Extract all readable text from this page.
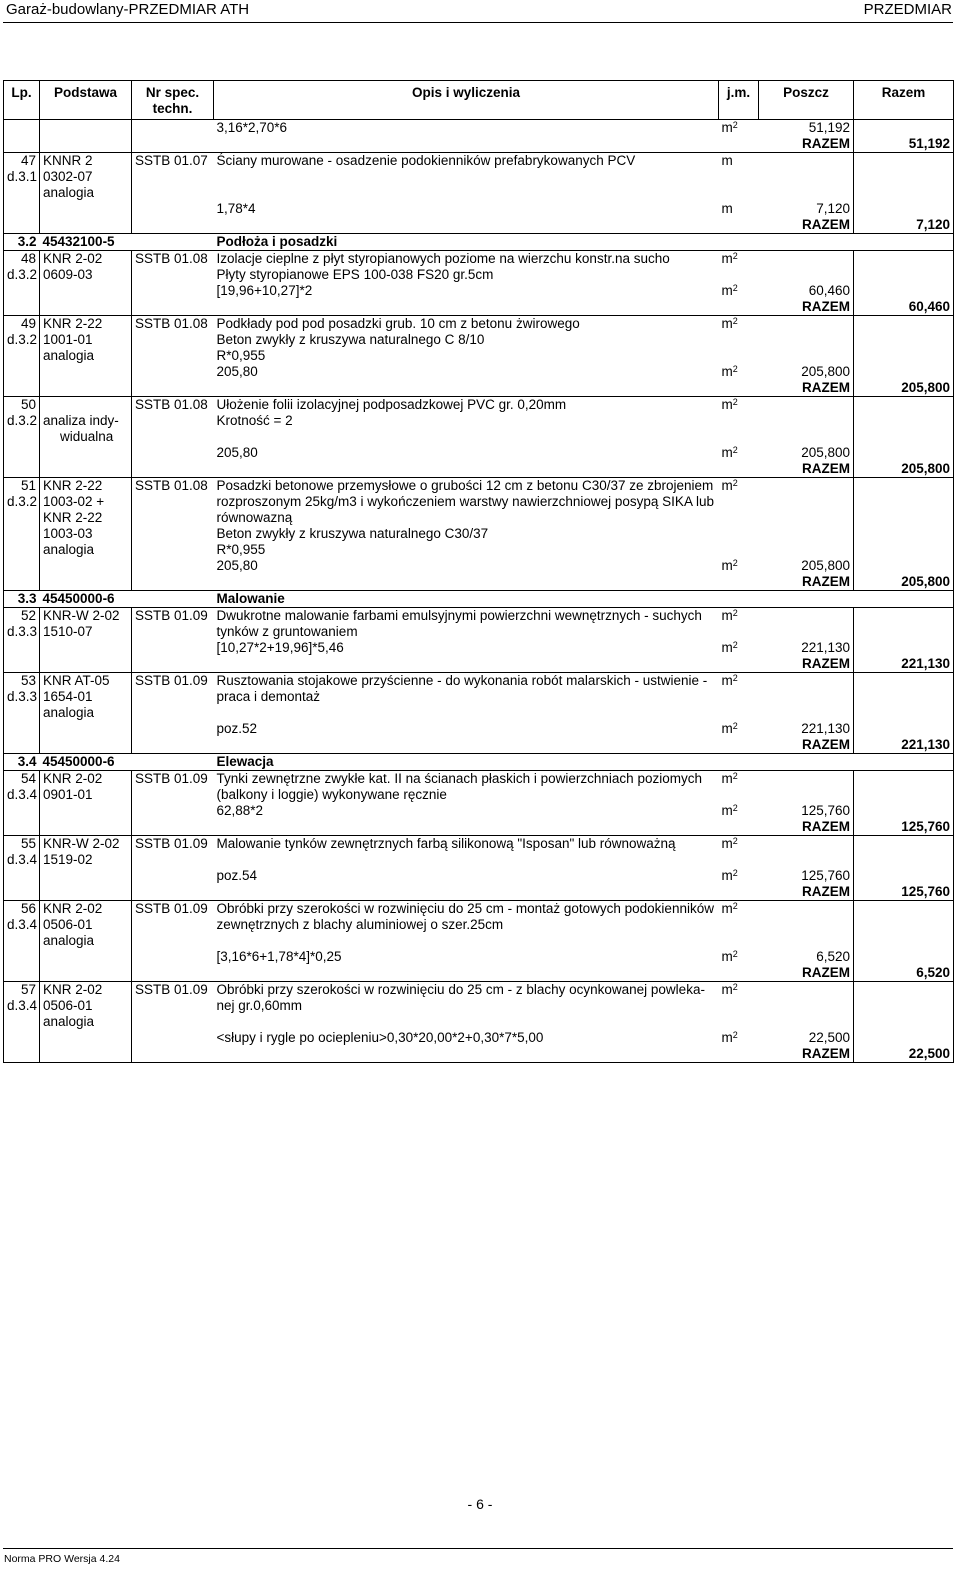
Garaż-budowlany-PRZEDMIAR ATH	PRZEDMIAR
Lp.	Podstawa	Nr spec. techn.	Opis i wyliczenia	j.m.	Poszcz	Razem
			3,16*2,70*6	$m^2$	51,192	
					RAZEM	51,192
47	KNNR 2	SSTB 01.07	Ściany murowane - osadzenie podokienników prefabrykowanych PCV	m		
d.3.1	0302-07					
	analogia					
			1,78*4	m	7,120	
					RAZEM	7,120
3.2	45432100-5		Podłoża i posadzki			
48	KNR 2-02	SSTB 01.08	Izolacje cieplne z płyt styropianowych poziome na wierzchu konstr.na sucho	$m^2$		
d.3.2	0609-03		Płyty styropianowe EPS 100-038 FS20 gr.5cm			
			[19,96+10,27]*2	$m^2$	60,460	
					RAZEM	60,460
49	KNR 2-22	SSTB 01.08	Podkłady pod pod posadzki grub. 10 cm z betonu żwirowego	$m^2$		
d.3.2	1001-01		Beton zwykły z kruszywa naturalnego C 8/10			
	analogia		R*0,955			
			205,80	$m^2$	205,800	
					RAZEM	205,800
50		SSTB 01.08	Ułożenie folii izolacyjnej podposadzkowej PVC gr. 0,20mm	$m^2$		
d.3.2	analiza indy-		Krotność = 2			
	widualna					
			205,80	$m^2$	205,800	
					RAZEM	205,800
51	KNR 2-22	SSTB 01.08	Posadzki betonowe przemysłowe o grubości 12 cm z betonu C30/37 ze zbrojeniem rozproszonym 25kg/m3 i wykończeniem warstwy nawierzchniowej posypą SIKA lub równowazną	$m^2$		
d.3.2	1003-02 +					
	KNR 2-22					
	1003-03		Beton zwykły z kruszywa naturalnego C30/37			
	analogia		R*0,955			
			205,80	$m^2$	205,800	
					RAZEM	205,800
3.3	45450000-6		Malowanie			
52	KNR-W 2-02	SSTB 01.09	Dwukrotne malowanie farbami emulsyjnymi powierzchni wewnętrznych - suchych tynków z gruntowaniem	$m^2$		
d.3.3	1510-07					
			[10,27*2+19,96]*5,46	$m^2$	221,130	
					RAZEM	221,130
53	KNR AT-05	SSTB 01.09	Rusztowania stojakowe przyścienne - do wykonania robót malarskich - ustwienie - praca i demontaż	$m^2$		
d.3.3	1654-01					
	analogia					
			poz.52	$m^2$	221,130	
					RAZEM	221,130
3.4	45450000-6		Elewacja			
54	KNR 2-02	SSTB 01.09	Tynki zewnętrzne zwykłe kat. II na ścianach płaskich i powierzchniach poziomych (balkony i loggie) wykonywane ręcznie	$m^2$		
d.3.4	0901-01					
			62,88*2	$m^2$	125,760	
					RAZEM	125,760
55	KNR-W 2-02	SSTB 01.09	Malowanie tynków zewnętrznych farbą silikonową "Isposan" lub równoważną	$m^2$		
d.3.4	1519-02					
			poz.54	$m^2$	125,760	
					RAZEM	125,760
56	KNR 2-02	SSTB 01.09	Obróbki przy szerokości w rozwinięciu do 25 cm - montaż gotowych podokienników zewnętrznych z blachy aluminiowej o szer.25cm	$m^2$		
d.3.4	0506-01					
	analogia					
			[3,16*6+1,78*4]*0,25	$m^2$	6,520	
					RAZEM	6,520
57	KNR 2-02	SSTB 01.09	Obróbki przy szerokości w rozwinięciu do 25 cm - z blachy ocynkowanej powleka- nej gr.0,60mm	$m^2$		
d.3.4	0506-01					
	analogia					
			<słupy i rygle po ociepleniu>0,30*20,00*2+0,30*7*5,00	$m^2$	22,500	
					RAZEM	22,500
- 6 -
Norma PRO Wersja 4.24
